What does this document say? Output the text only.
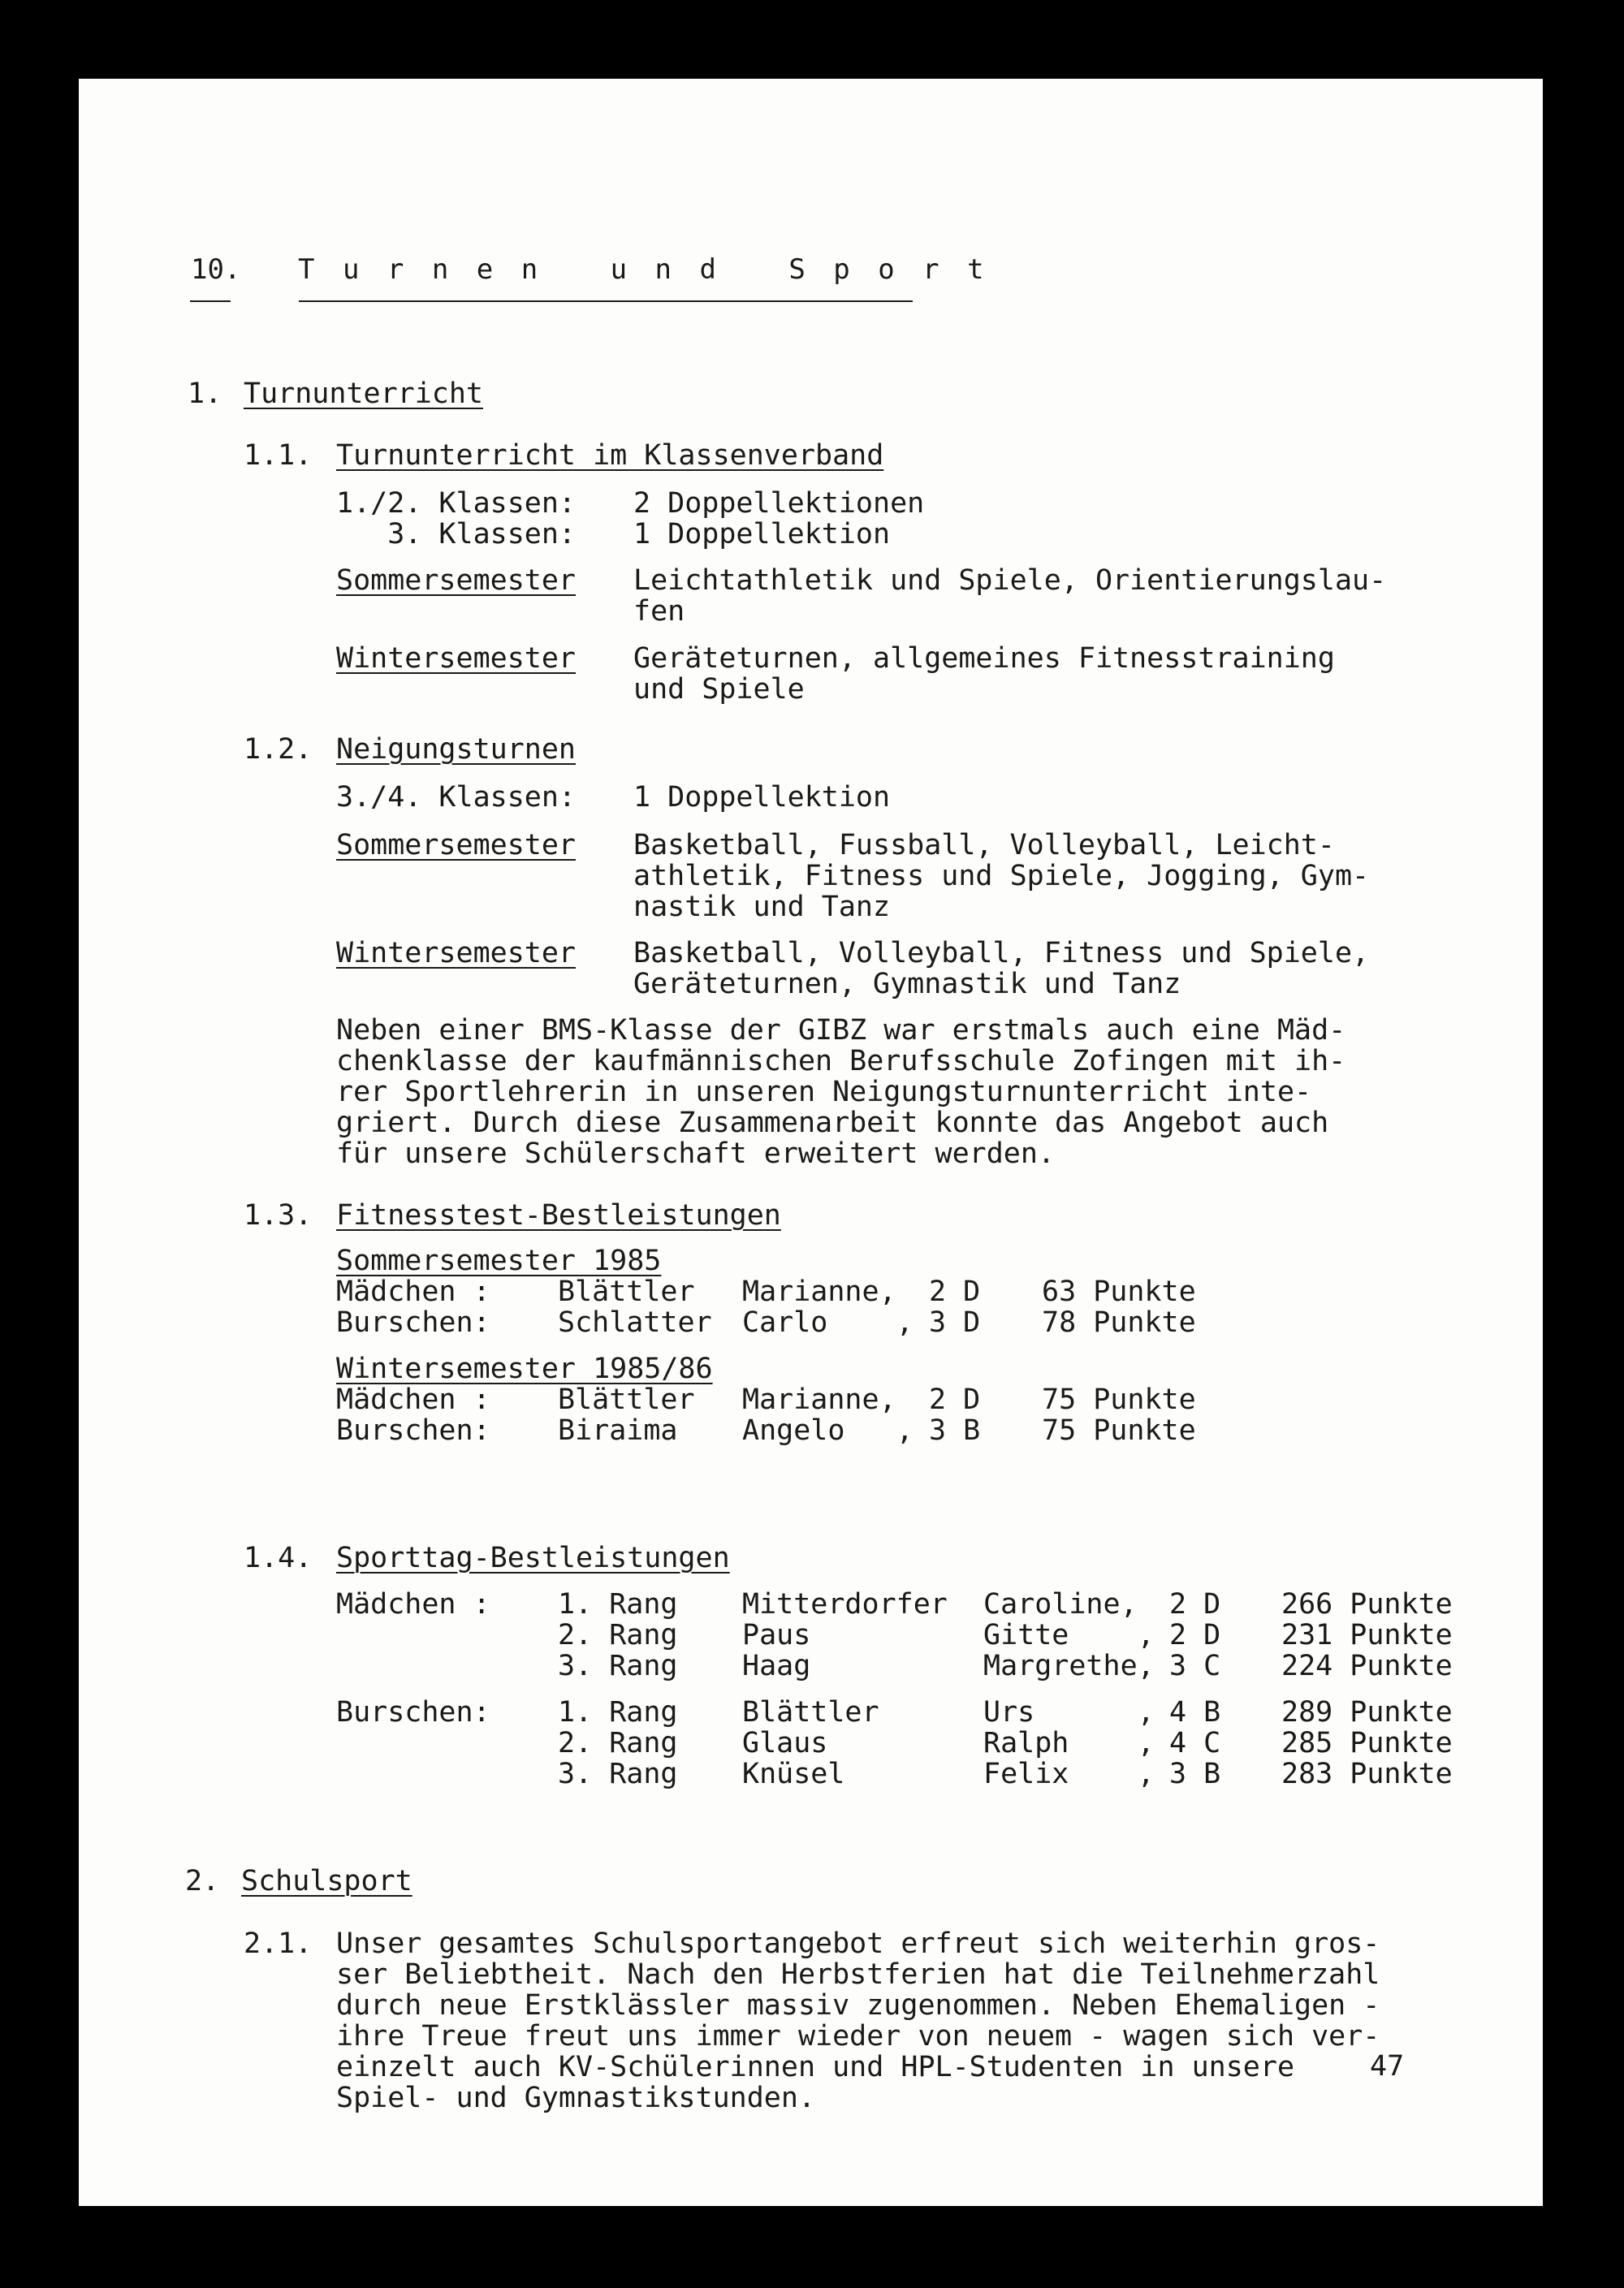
10. T u r n e n   u n d   S p o r t
1. Turnunterricht
1.1. Turnunterricht im Klassenverband
1./2. Klassen: 2 Doppellektionen
3. Klassen: 1 Doppellektion
Sommersemester Leichtathletik und Spiele, Orientierungslau-
fen
Wintersemester Geräteturnen, allgemeines Fitnesstraining
und Spiele
1.2. Neigungsturnen
3./4. Klassen: 1 Doppellektion
Sommersemester Basketball, Fussball, Volleyball, Leicht-
athletik, Fitness und Spiele, Jogging, Gym-
nastik und Tanz
Wintersemester Basketball, Volleyball, Fitness und Spiele,
Geräteturnen, Gymnastik und Tanz
Neben einer BMS-Klasse der GIBZ war erstmals auch eine Mäd-
chenklasse der kaufmännischen Berufsschule Zofingen mit ih-
rer Sportlehrerin in unseren Neigungsturnunterricht inte-
griert. Durch diese Zusammenarbeit konnte das Angebot auch
für unsere Schülerschaft erweitert werden.
1.3. Fitnesstest-Bestleistungen
Sommersemester 1985
Mädchen : Blättler Marianne, 2 D 63 Punkte
Burschen: Schlatter Carlo    , 3 D 78 Punkte
Wintersemester 1985/86
Mädchen : Blättler Marianne, 2 D 75 Punkte
Burschen: Biraima Angelo   , 3 B 75 Punkte
1.4. Sporttag-Bestleistungen
Mädchen : 1. Rang Mitterdorfer Caroline, 2 D 266 Punkte
2. Rang Paus	Gitte    , 2 D 231 Punkte
3. Rang Haag	Margrethe, 3 C 224 Punkte
Burschen: 1. Rang Blättler	Urs      , 4 B 289 Punkte
2. Rang Glaus	Ralph    , 4 C 285 Punkte
3. Rang Knüsel	Felix    , 3 B 283 Punkte
2. Schulsport
2.1. Unser gesamtes Schulsportangebot erfreut sich weiterhin gros-
ser Beliebtheit. Nach den Herbstferien hat die Teilnehmerzahl
durch neue Erstklässler massiv zugenommen. Neben Ehemaligen -
ihre Treue freut uns immer wieder von neuem - wagen sich ver-
einzelt auch KV-Schülerinnen und HPL-Studenten in unsere
Spiel- und Gymnastikstunden.
47
